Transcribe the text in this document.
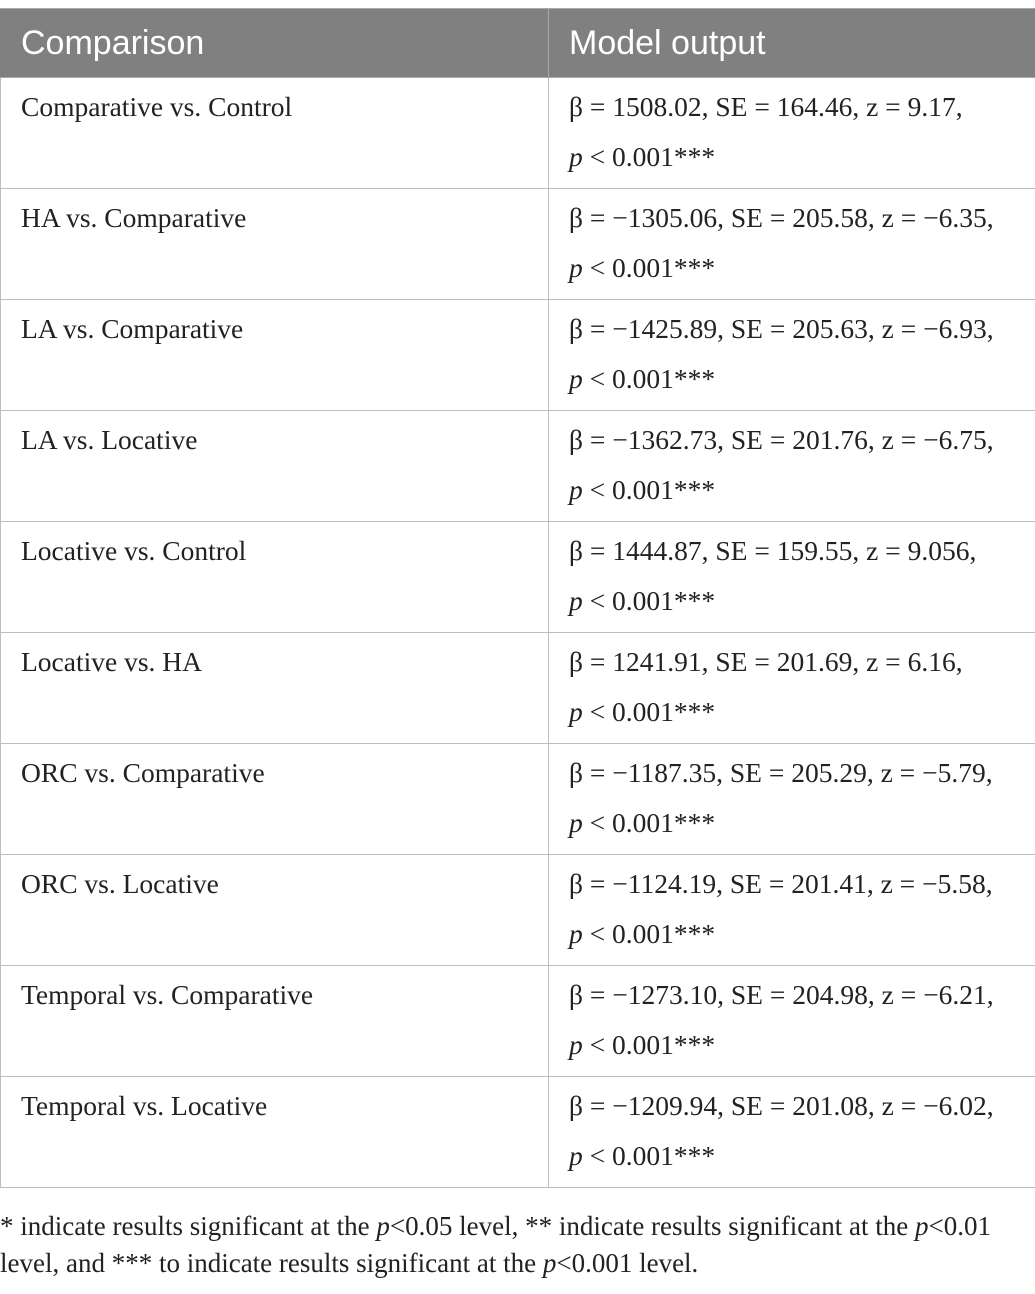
Comparison	Model output

Comparative vs. Control	β = 1508.02, SE = 164.46, z = 9.17,
p < 0.001***

HA vs. Comparative	β = −1305.06, SE = 205.58, z = −6.35,
p < 0.001***

LA vs. Comparative	β = −1425.89, SE = 205.63, z = −6.93,
p < 0.001***

LA vs. Locative	β = −1362.73, SE = 201.76, z = −6.75,
p < 0.001***

Locative vs. Control	β = 1444.87, SE = 159.55, z = 9.056,
p < 0.001***

Locative vs. HA	β = 1241.91, SE = 201.69, z = 6.16,
p < 0.001***

ORC vs. Comparative	β = −1187.35, SE = 205.29, z = −5.79,
p < 0.001***

ORC vs. Locative	β = −1124.19, SE = 201.41, z = −5.58,
p < 0.001***

Temporal vs. Comparative	β = −1273.10, SE = 204.98, z = −6.21,
p < 0.001***

Temporal vs. Locative	β = −1209.94, SE = 201.08, z = −6.02,
p < 0.001***
* indicate results significant at the p<0.05 level, ** indicate results significant at the p<0.01 level, and *** to indicate results significant at the p<0.001 level.
